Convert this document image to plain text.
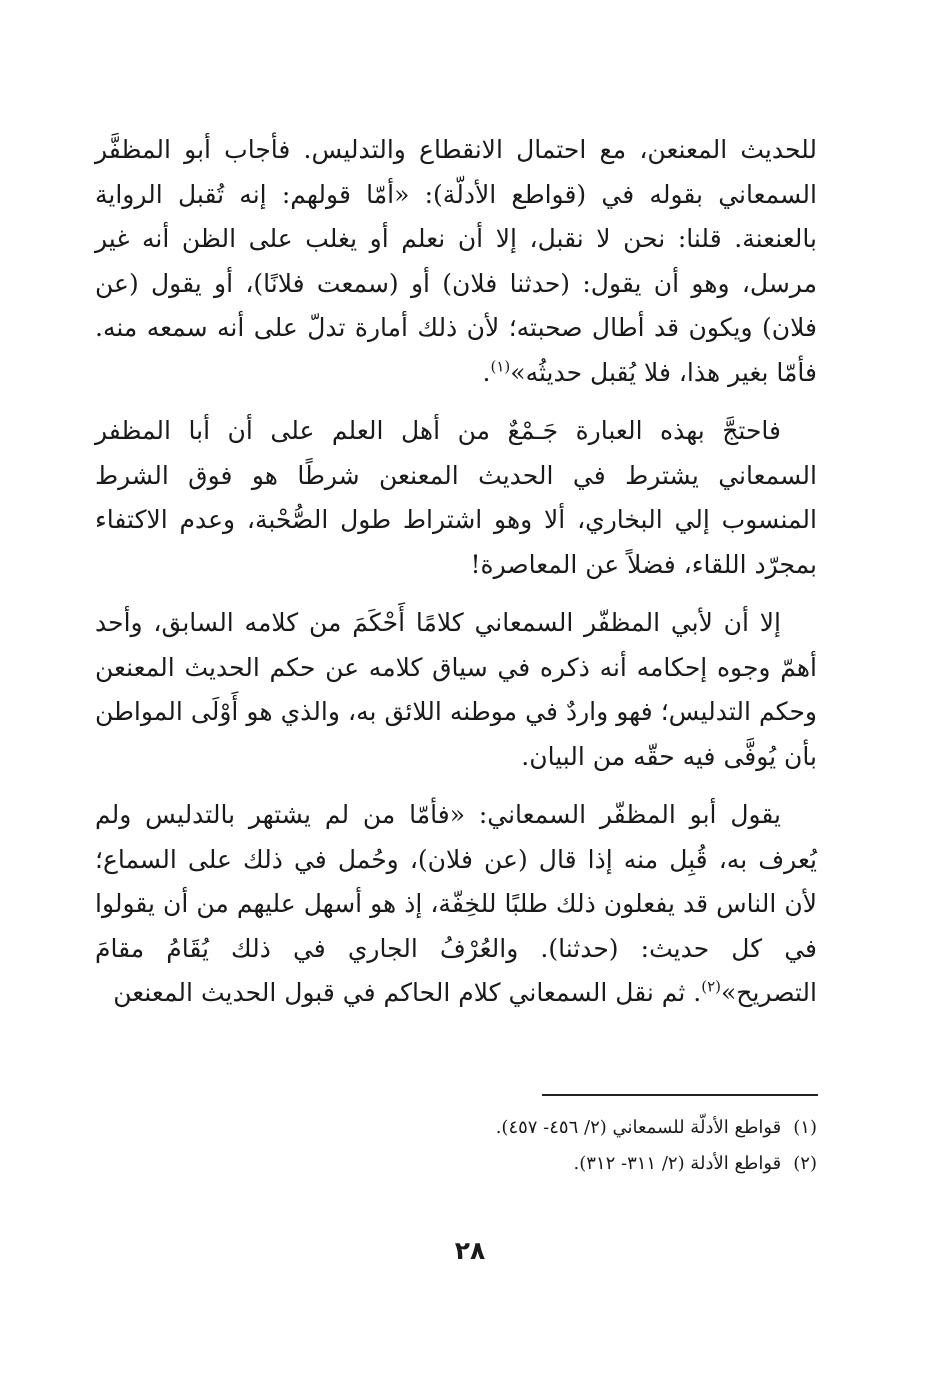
للحديث المعنعن، مع احتمال الانقطاع والتدليس. فأجاب أبو المظفَّر السمعاني بقوله في (قواطع الأدلّة): «أمّا قولهم: إنه تُقبل الرواية بالعنعنة. قلنا: نحن لا نقبل، إلا أن نعلم أو يغلب على الظن أنه غير مرسل، وهو أن يقول: (حدثنا فلان) أو (سمعت فلانًا)، أو يقول (عن فلان) ويكون قد أطال صحبته؛ لأن ذلك أمارة تدلّ على أنه سمعه منه. فأمّا بغير هذا، فلا يُقبل حديثُه»$^{(١)}$.

فاحتجَّ بهذه العبارة جَـمْعٌ من أهل العلم على أن أبا المظفر السمعاني يشترط في الحديث المعنعن شرطًا هو فوق الشرط المنسوب إلي البخاري، ألا وهو اشتراط طول الصُّحْبة، وعدم الاكتفاء بمجرّد اللقاء، فضلاً عن المعاصرة!

إلا أن لأبي المظفّر السمعاني كلامًا أَحْكَمَ من كلامه السابق، وأحد أهمّ وجوه إحكامه أنه ذكره في سياق كلامه عن حكم الحديث المعنعن وحكم التدليس؛ فهو واردٌ في موطنه اللائق به، والذي هو أَوْلَى المواطن بأن يُوفَّى فيه حقّه من البيان.

يقول أبو المظفّر السمعاني: «فأمّا من لم يشتهر بالتدليس ولم يُعرف به، قُبِل منه إذا قال (عن فلان)، وحُمل في ذلك على السماع؛ لأن الناس قد يفعلون ذلك طلبًا للخِفّة، إذ هو أسهل عليهم من أن يقولوا في كل حديث: (حدثنا). والعُرْفُ الجاري في ذلك يُقَامُ مقامَ التصريح»$^{(٢)}$. ثم نقل السمعاني كلام الحاكم في قبول الحديث المعنعن

(١)
قواطع الأدلّة للسمعاني (٢/ ٤٥٦- ٤٥٧).
(٢)
قواطع الأدلة (٢/ ٣١١- ٣١٢).
٢٨
